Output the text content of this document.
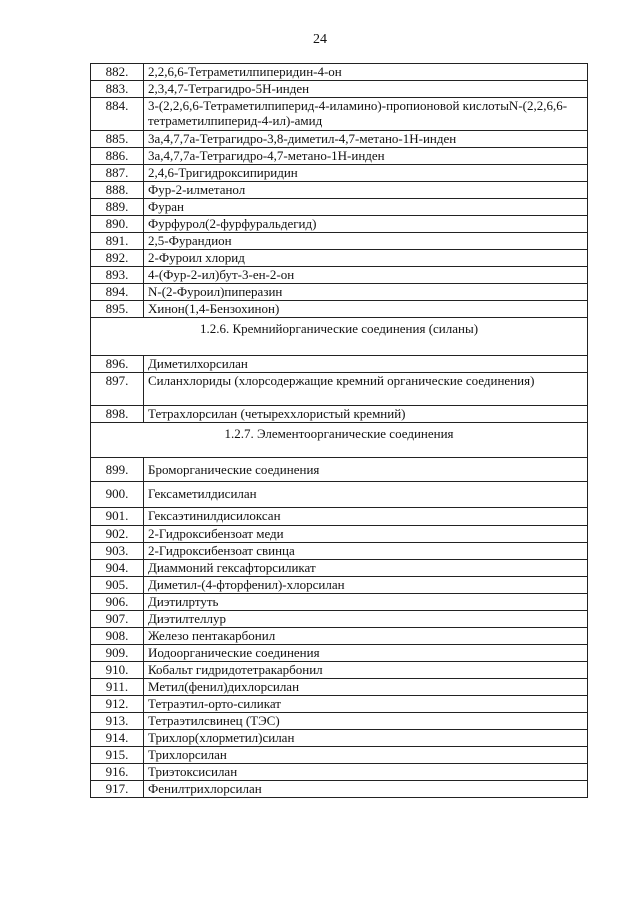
24
882.	2,2,6,6-Тетраметилпиперидин-4-он
883.	2,3,4,7-Тетрагидро-5Н-инден
884.	3-(2,2,6,6-Тетраметилпиперид-4-иламино)-пропионовой кислотыN-(2,2,6,6-тетраметилпиперид-4-ил)-амид
885.	3а,4,7,7а-Тетрагидро-3,8-диметил-4,7-метано-1Н-инден
886.	3а,4,7,7а-Тетрагидро-4,7-метано-1Н-инден
887.	2,4,6-Тригидроксипиридин
888.	Фур-2-илметанол
889.	Фуран
890.	Фурфурол(2-фурфуральдегид)
891.	2,5-Фурандион
892.	2-Фуроил хлорид
893.	4-(Фур-2-ил)бут-3-ен-2-он
894.	N-(2-Фуроил)пиперазин
895.	Хинон(1,4-Бензохинон)
1.2.6. Кремнийорганические соединения (силаны)	
896.	Диметилхорсилан
897.	Силанхлориды (хлорсодержащие кремний органические соединения)
898.	Тетрахлорсилан (четыреххлористый кремний)
1.2.7. Элементоорганические соединения	
899.	Броморганические соединения
900.	Гексаметилдисилан
901.	Гексаэтинилдисилоксан
902.	2-Гидроксибензоат меди
903.	2-Гидроксибензоат свинца
904.	Диаммоний гексафторсиликат
905.	Диметил-(4-фторфенил)-хлорсилан
906.	Диэтилртуть
907.	Диэтилтеллур
908.	Железо пентакарбонил
909.	Иодоорганические соединения
910.	Кобальт гидридотетракарбонил
911.	Метил(фенил)дихлорсилан
912.	Тетраэтил-орто-силикат
913.	Тетраэтилсвинец (ТЭС)
914.	Трихлор(хлорметил)силан
915.	Трихлорсилан
916.	Триэтоксисилан
917.	Фенилтрихлорсилан
